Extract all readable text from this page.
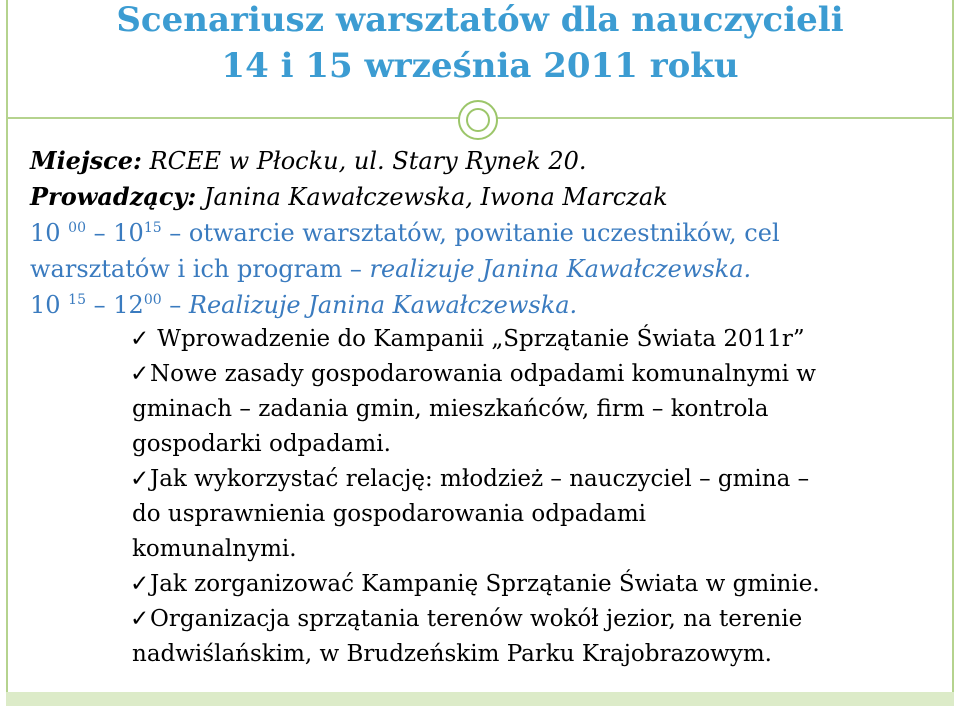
Scenariusz warsztatów dla nauczycieli
14 i 15 września 2011 roku
Miejsce: RCEE w Płocku, ul. Stary Rynek 20.
Prowadzący: Janina Kawałczewska, Iwona Marczak
10 $^{00} - 10^{15}$ – otwarcie warsztatów, powitanie uczestników, cel
warsztatów i ich program – realizuje Janina Kawałczewska.
10 $^{15} - 12^{00}$ – Realizuje Janina Kawałczewska.
✓ Wprowadzenie do Kampanii „Sprzątanie Świata 2011r”
✓Nowe zasady gospodarowania odpadami komunalnymi w
gminach – zadania gmin, mieszkańców, firm – kontrola
gospodarki odpadami.
✓Jak wykorzystać relację: młodzież – nauczyciel – gmina –
do usprawnienia gospodarowania odpadami
komunalnymi.
✓Jak zorganizować Kampanię Sprzątanie Świata w gminie.
✓Organizacja sprzątania terenów wokół jezior, na terenie
nadwiślańskim, w Brudzeńskim Parku Krajobrazowym.
